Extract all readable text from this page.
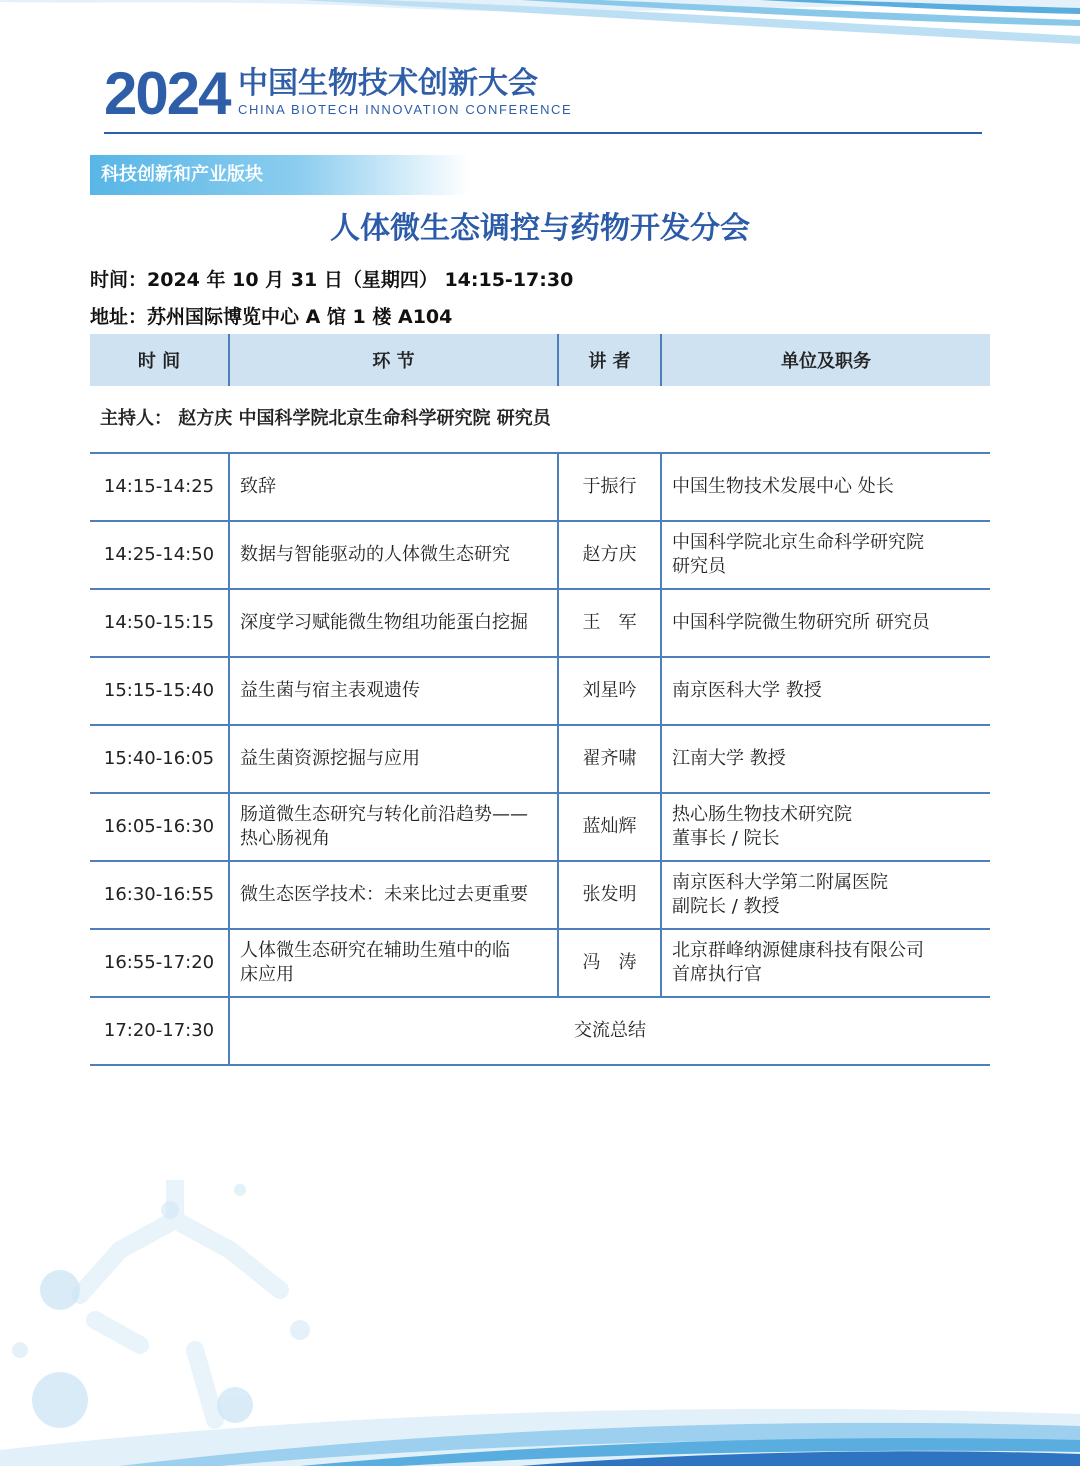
2024 中国生物技术创新大会
CHINA BIOTECH INNOVATION CONFERENCE
科技创新和产业版块
人体微生态调控与药物开发分会
时间：2024 年 10 月 31 日（星期四） 14:15-17:30
地址：苏州国际博览中心 A 馆 1 楼 A104
时 间	环 节	讲 者	单位及职务
主持人： 赵方庆 中国科学院北京生命科学研究院 研究员			
14:15-14:25	致辞	于振行	中国生物技术发展中心 处长
14:25-14:50	数据与智能驱动的人体微生态研究	赵方庆	中国科学院北京生命科学研究院
研究员
14:50-15:15	深度学习赋能微生物组功能蛋白挖掘	王　军	中国科学院微生物研究所 研究员
15:15-15:40	益生菌与宿主表观遗传	刘星吟	南京医科大学 教授
15:40-16:05	益生菌资源挖掘与应用	翟齐啸	江南大学 教授
16:05-16:30	肠道微生态研究与转化前沿趋势——
热心肠视角	蓝灿辉	热心肠生物技术研究院
董事长 / 院长
16:30-16:55	微生态医学技术：未来比过去更重要	张发明	南京医科大学第二附属医院
副院长 / 教授
16:55-17:20	人体微生态研究在辅助生殖中的临
床应用	冯　涛	北京群峰纳源健康科技有限公司
首席执行官
17:20-17:30	交流总结		
